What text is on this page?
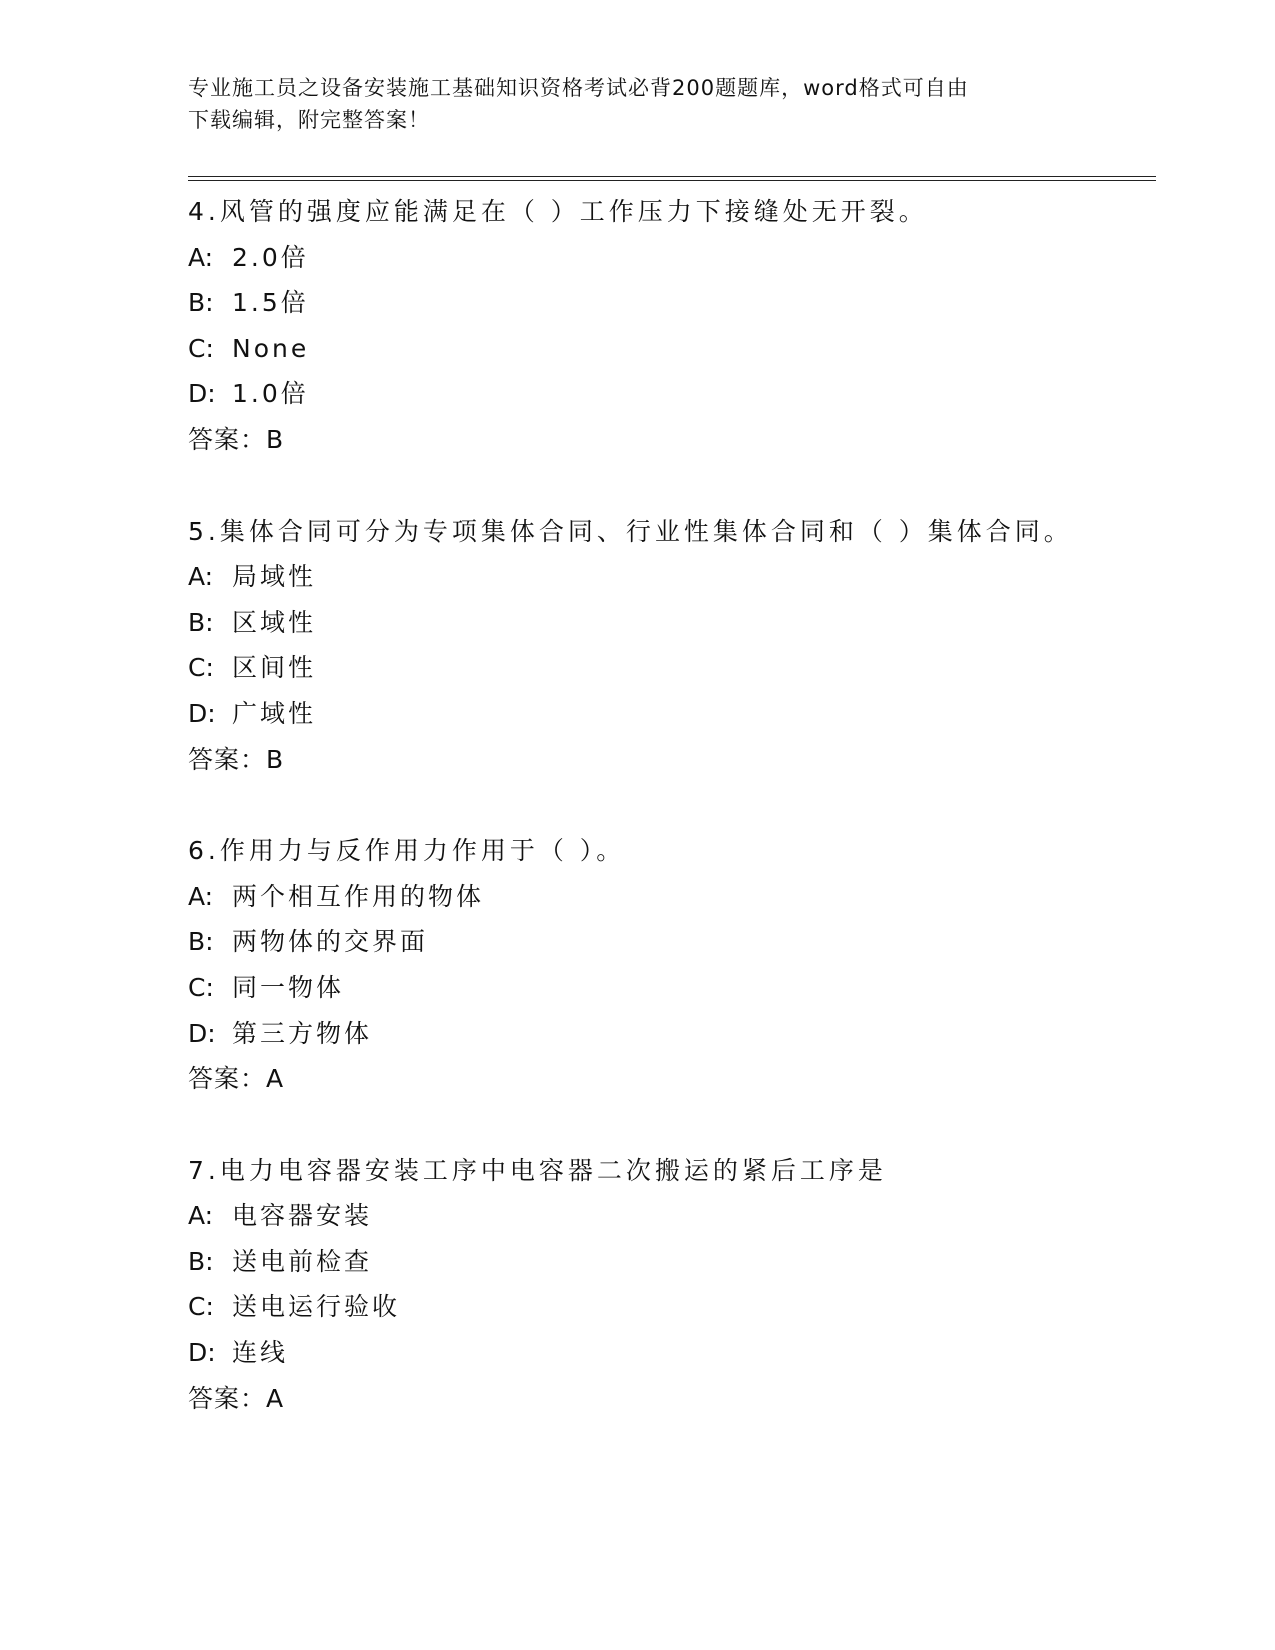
专业施工员之设备安装施工基础知识资格考试必背200题题库，word格式可自由
下载编辑，附完整答案！
4.风管的强度应能满足在（ ）工作压力下接缝处无开裂。
A: 2.0倍
B: 1.5倍
C: None
D: 1.0倍
答案：B
5.集体合同可分为专项集体合同、行业性集体合同和（ ）集体合同。
A: 局域性
B: 区域性
C: 区间性
D: 广域性
答案：B
6.作用力与反作用力作用于（ ）。
A: 两个相互作用的物体
B: 两物体的交界面
C: 同一物体
D: 第三方物体
答案：A
7.电力电容器安装工序中电容器二次搬运的紧后工序是
A: 电容器安装
B: 送电前检查
C: 送电运行验收
D: 连线
答案：A
